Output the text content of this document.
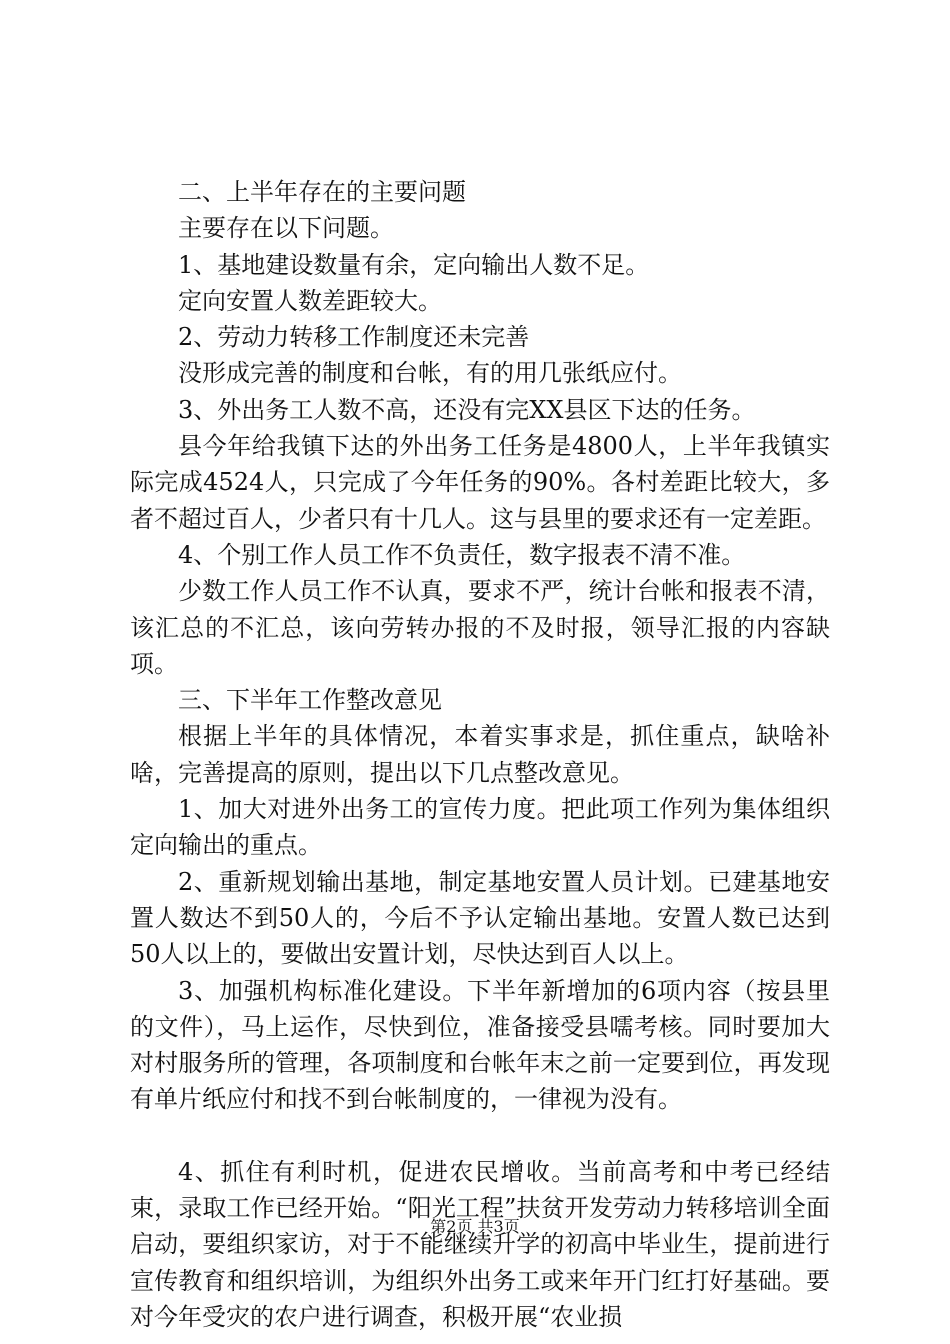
二、上半年存在的主要问题

主要存在以下问题。

1、基地建设数量有余，定向输出人数不足。

定向安置人数差距较大。

2、劳动力转移工作制度还未完善

没形成完善的制度和台帐，有的用几张纸应付。

3、外出务工人数不高，还没有完XX县区下达的任务。

县今年给我镇下达的外出务工任务是4800人，上半年我镇实际完成4524人，只完成了今年任务的90%。各村差距比较大，多者不超过百人，少者只有十几人。这与县里的要求还有一定差距。

4、个别工作人员工作不负责任，数字报表不清不准。

少数工作人员工作不认真，要求不严，统计台帐和报表不清，该汇总的不汇总，该向劳转办报的不及时报，领导汇报的内容缺项。

三、下半年工作整改意见

根据上半年的具体情况，本着实事求是，抓住重点，缺啥补啥，完善提高的原则，提出以下几点整改意见。

1、加大对进外出务工的宣传力度。把此项工作列为集体组织定向输出的重点。

2、重新规划输出基地，制定基地安置人员计划。已建基地安置人数达不到50人的，今后不予认定输出基地。安置人数已达到50人以上的，要做出安置计划，尽快达到百人以上。

3、加强机构标准化建设。下半年新增加的6项内容（按县里的文件），马上运作，尽快到位，准备接受县嚅考核。同时要加大对村服务所的管理，各项制度和台帐年末之前一定要到位，再发现有单片纸应付和找不到台帐制度的，一律视为没有。

4、抓住有利时机，促进农民增收。当前高考和中考已经结束，录取工作已经开始。“阳光工程”扶贫开发劳动力转移培训全面启动，要组织家访，对于不能继续升学的初高中毕业生，提前进行宣传教育和组织培训，为组织外出务工或来年开门红打好基础。要对今年受灾的农户进行调查，积极开展“农业损

第2页 共3页
